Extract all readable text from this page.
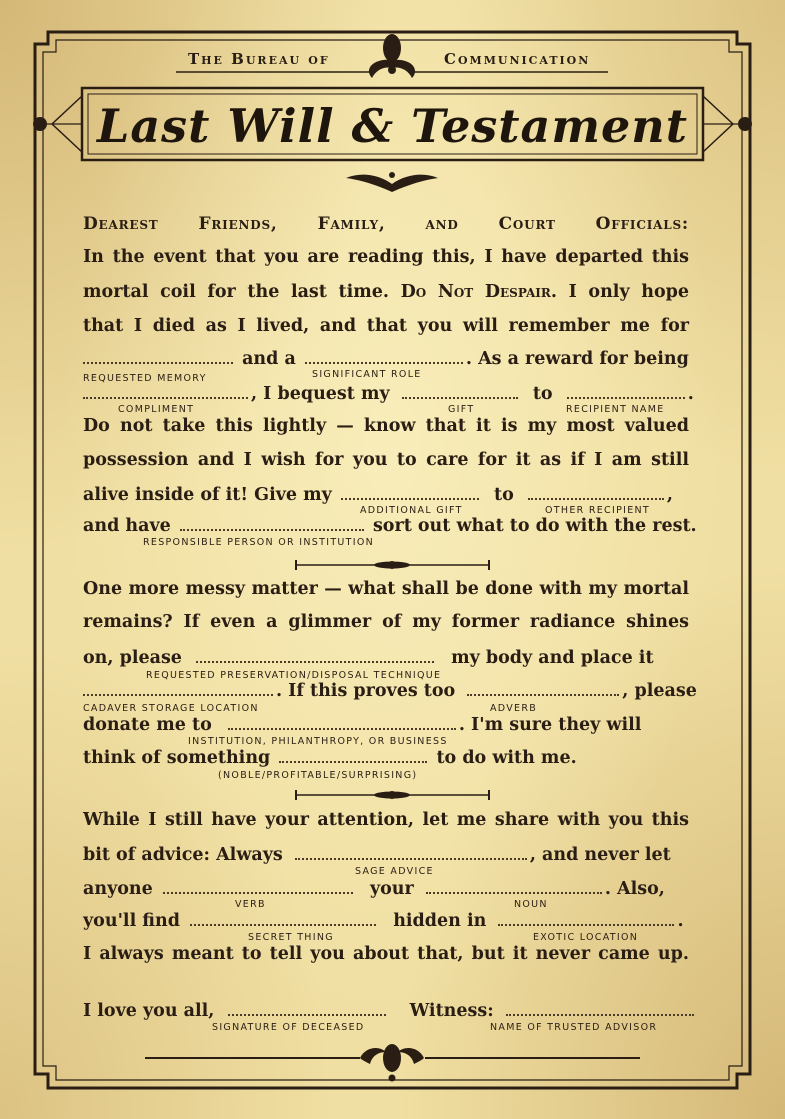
The Bureau of	Communication
Last Will & Testament
Dearest Friends, Family, and Court Officials:
In the event that you are reading this, I have departed this
mortal coil for the last time. Do Not Despair. I only hope
that I died as I lived, and that you will remember me for
and a	. As a reward for being
REQUESTED MEMORY	SIGNIFICANT ROLE
, I bequest my	to	.
COMPLIMENT	GIFT	RECIPIENT NAME
Do not take this lightly — know that it is my most valued
possession and I wish for you to care for it as if I am still
alive inside of it! Give my	to	,
ADDITIONAL GIFT	OTHER RECIPIENT
and have	sort out what to do with the rest.
RESPONSIBLE PERSON OR INSTITUTION
One more messy matter — what shall be done with my mortal
remains? If even a glimmer of my former radiance shines
on, please	my body and place it
REQUESTED PRESERVATION/DISPOSAL TECHNIQUE
. If this proves too	, please
CADAVER STORAGE LOCATION	ADVERB
donate me to	. I'm sure they will
INSTITUTION, PHILANTHROPY, OR BUSINESS
think of something	to do with me.
(NOBLE/PROFITABLE/SURPRISING)
While I still have your attention, let me share with you this
bit of advice: Always	, and never let
SAGE ADVICE
anyone	your	. Also,
VERB	NOUN
you'll find	hidden in	.
SECRET THING	EXOTIC LOCATION
I always meant to tell you about that, but it never came up.
I love you all,	Witness:
SIGNATURE OF DECEASED	NAME OF TRUSTED ADVISOR
